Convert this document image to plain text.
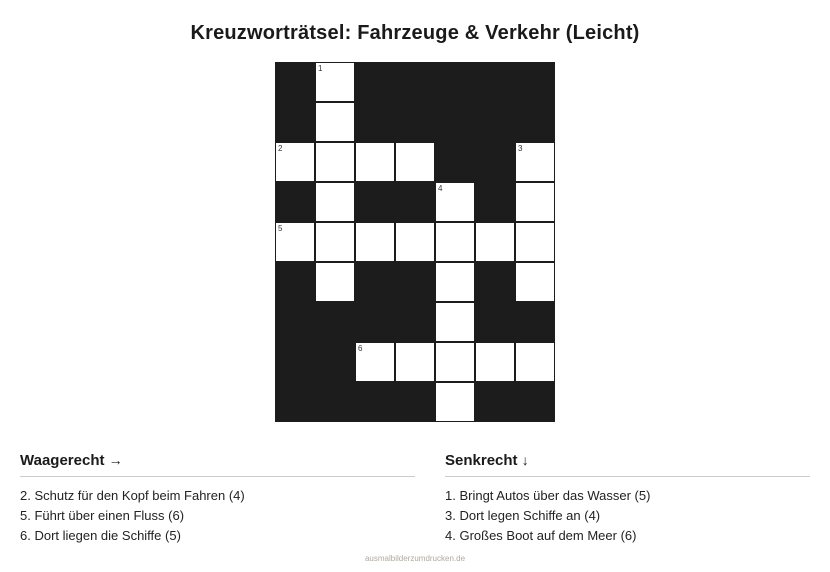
Kreuzworträtsel: Fahrzeuge & Verkehr (Leicht)
1
2	3
4
5
6
Waagerecht →
2. Schutz für den Kopf beim Fahren (4)
5. Führt über einen Fluss (6)
6. Dort liegen die Schiffe (5)
Senkrecht ↓
1. Bringt Autos über das Wasser (5)
3. Dort legen Schiffe an (4)
4. Großes Boot auf dem Meer (6)
ausmalbilderzumdrucken.de
